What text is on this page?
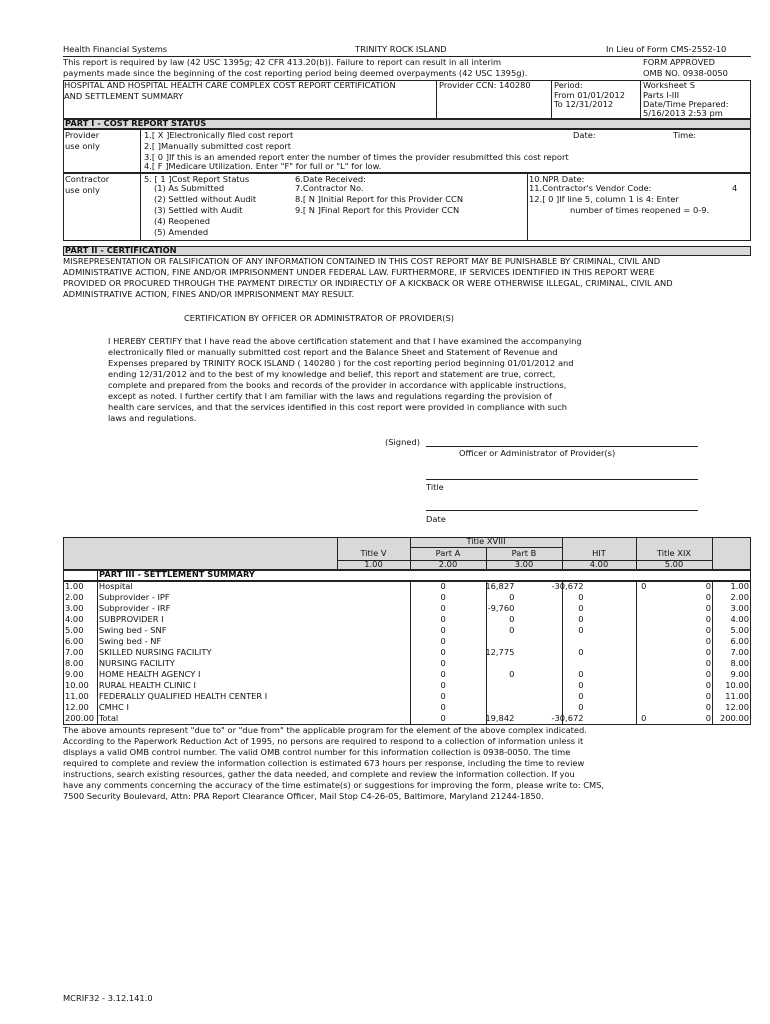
Health Financial Systems	TRINITY ROCK ISLAND	In Lieu of Form CMS-2552-10
This report is required by law (42 USC 1395g; 42 CFR 413.20(b)). Failure to report can result in all interim
payments made since the beginning of the cost reporting period being deemed overpayments (42 USC 1395g).
FORM APPROVED
OMB NO. 0938-0050
HOSPITAL AND HOSPITAL HEALTH CARE COMPLEX COST REPORT CERTIFICATION
AND SETTLEMENT SUMMARY
Provider CCN: 140280	Period:
From 01/01/2012
To 12/31/2012
Worksheet S
Parts I-III
Date/Time Prepared:
5/16/2013 2:53 pm
PART I - COST REPORT STATUS
Provider
use only
1.[ X ]Electronically filed cost report	Date:	Time:
2.[ ]Manually submitted cost report
3.[ 0 ]If this is an amended report enter the number of times the provider resubmitted this cost report
4.[ F ]Medicare Utilization. Enter "F" for full or "L" for low.
Contractor
use only
5. [ 1 ]Cost Report Status
(1) As Submitted
(2) Settled without Audit
(3) Settled with Audit
(4) Reopened
(5) Amended
6.Date Received:
7.Contractor No.
8.[ N ]Initial Report for this Provider CCN
9.[ N ]Final Report for this Provider CCN
10.NPR Date:
11.Contractor's Vendor Code:	4
12.[ 0 ]If line 5, column 1 is 4: Enter
number of times reopened = 0-9.
PART II - CERTIFICATION
MISREPRESENTATION OR FALSIFICATION OF ANY INFORMATION CONTAINED IN THIS COST REPORT MAY BE PUNISHABLE BY CRIMINAL, CIVIL AND
ADMINISTRATIVE ACTION, FINE AND/OR IMPRISONMENT UNDER FEDERAL LAW. FURTHERMORE, IF SERVICES IDENTIFIED IN THIS REPORT WERE
PROVIDED OR PROCURED THROUGH THE PAYMENT DIRECTLY OR INDIRECTLY OF A KICKBACK OR WERE OTHERWISE ILLEGAL, CRIMINAL, CIVIL AND
ADMINISTRATIVE ACTION, FINES AND/OR IMPRISONMENT MAY RESULT.
CERTIFICATION BY OFFICER OR ADMINISTRATOR OF PROVIDER(S)
I HEREBY CERTIFY that I have read the above certification statement and that I have examined the accompanying
electronically filed or manually submitted cost report and the Balance Sheet and Statement of Revenue and
Expenses prepared by TRINITY ROCK ISLAND ( 140280 ) for the cost reporting period beginning 01/01/2012 and
ending 12/31/2012 and to the best of my knowledge and belief, this report and statement are true, correct,
complete and prepared from the books and records of the provider in accordance with applicable instructions,
except as noted. I further certify that I am familiar with the laws and regulations regarding the provision of
health care services, and that the services identified in this cost report were provided in compliance with such
laws and regulations.
(Signed)
Officer or Administrator of Provider(s)
Title
Date
Title XVIII
Title V	Part A	Part B	HIT	Title XIX
1.00	2.00	3.00	4.00	5.00
PART III - SETTLEMENT SUMMARY
1.00	Hospital	0	16,827	-30,672	0	0	1.00
2.00	Subprovider - IPF	0	0	0		0	2.00
3.00	Subprovider - IRF	0	-9,760	0		0	3.00
4.00	SUBPROVIDER I	0	0	0		0	4.00
5.00	Swing bed - SNF	0	0	0		0	5.00
6.00	Swing bed - NF	0				0	6.00
7.00	SKILLED NURSING FACILITY	0	12,775	0		0	7.00
8.00	NURSING FACILITY	0				0	8.00
9.00	HOME HEALTH AGENCY I	0	0	0		0	9.00
10.00	RURAL HEALTH CLINIC I	0		0		0	10.00
11.00	FEDERALLY QUALIFIED HEALTH CENTER I	0		0		0	11.00
12.00	CMHC I	0		0		0	12.00
200.00	Total	0	19,842	-30,672	0	0	200.00
The above amounts represent "due to" or "due from" the applicable program for the element of the above complex indicated.
According to the Paperwork Reduction Act of 1995, no persons are required to respond to a collection of information unless it
displays a valid OMB control number. The valid OMB control number for this information collection is 0938-0050. The time
required to complete and review the information collection is estimated 673 hours per response, including the time to review
instructions, search existing resources, gather the data needed, and complete and review the information collection. If you
have any comments concerning the accuracy of the time estimate(s) or suggestions for improving the form, please write to: CMS,
7500 Security Boulevard, Attn: PRA Report Clearance Officer, Mail Stop C4-26-05, Baltimore, Maryland 21244-1850.
MCRIF32 - 3.12.141.0
